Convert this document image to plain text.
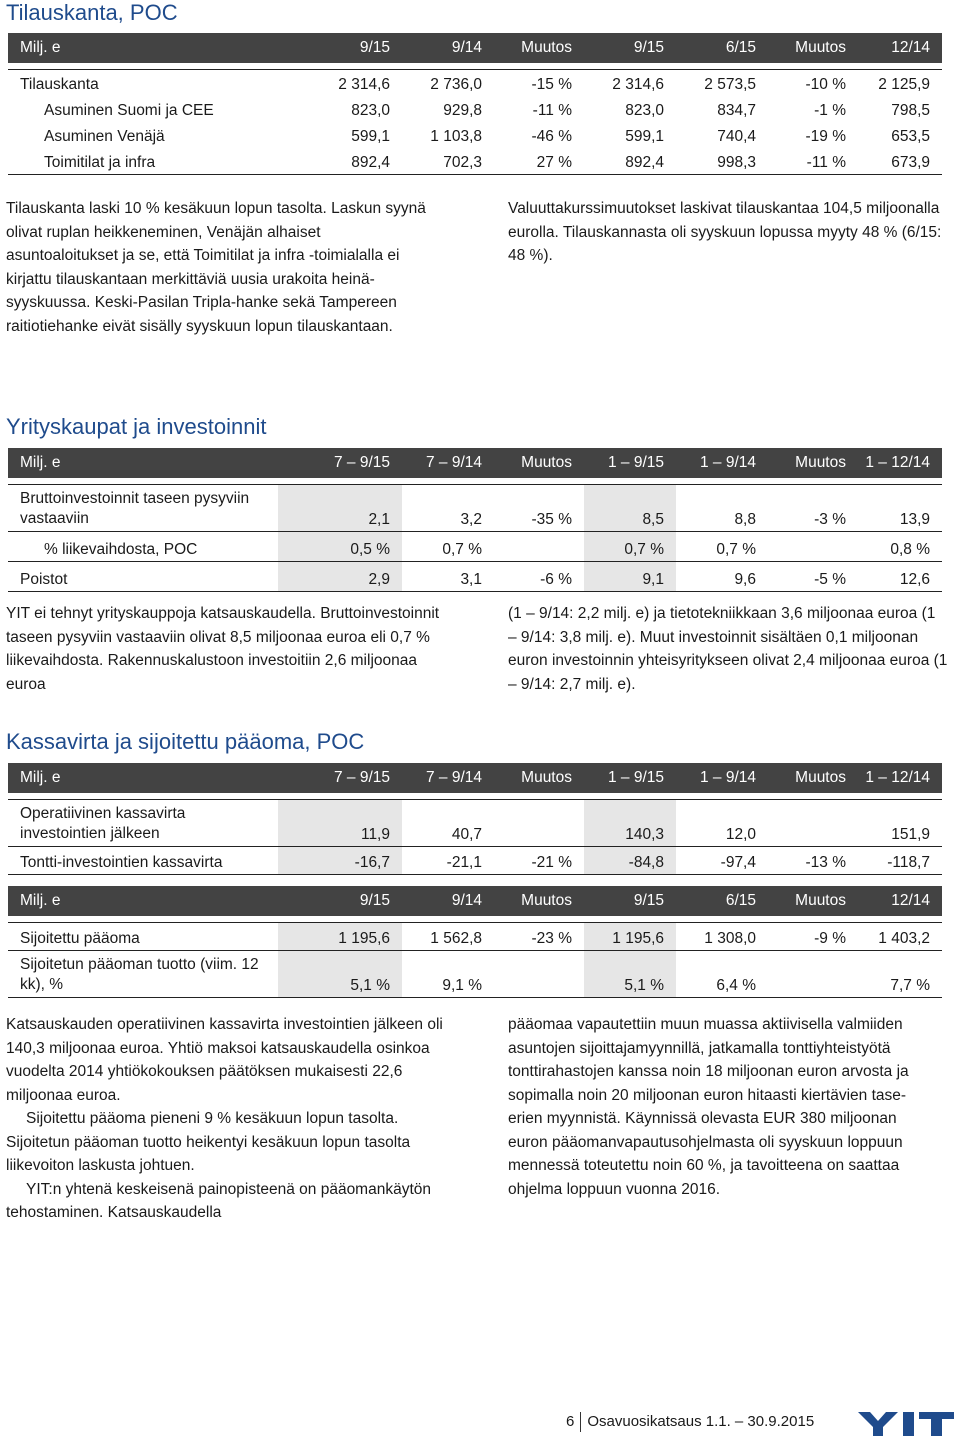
Tilauskanta, POC
Milj. e	9/15	9/14	Muutos	9/15	6/15	Muutos	12/14

Tilauskanta	2 314,6	2 736,0	-15 %	2 314,6	2 573,5	-10 %	2 125,9
Asuminen Suomi ja CEE	823,0	929,8	-11 %	823,0	834,7	-1 %	798,5
Asuminen Venäjä	599,1	1 103,8	-46 %	599,1	740,4	-19 %	653,5
Toimitilat ja infra	892,4	702,3	27 %	892,4	998,3	-11 %	673,9

Tilauskanta laski 10 % kesäkuun lopun tasolta. Laskun syynä olivat ruplan heikkeneminen, Venäjän alhaiset asuntoaloitukset ja se, että Toimitilat ja infra -toimialalla ei kirjattu tilauskantaan merkittäviä uusia urakoita heinä-syyskuussa. Keski-Pasilan Tripla-hanke sekä Tampereen raitiotiehanke eivät sisälly syyskuun lopun tilauskantaan.

Valuuttakurssimuutokset laskivat tilauskantaa 104,5 miljoonalla eurolla. Tilauskannasta oli syyskuun lopussa myyty 48 % (6/15: 48 %).

Yrityskaupat ja investoinnit
Milj. e	7 – 9/15	7 – 9/14	Muutos	1 – 9/15	1 – 9/14	Muutos	1 – 12/14

Bruttoinvestoinnit taseen pysyviin vastaaviin	2,1	3,2	-35 %	8,5	8,8	-3 %	13,9
% liikevaihdosta, POC	0,5 %	0,7 %		0,7 %	0,7 %		0,8 %
Poistot	2,9	3,1	-6 %	9,1	9,6	-5 %	12,6

YIT ei tehnyt yrityskauppoja katsauskaudella. Bruttoinvestoinnit taseen pysyviin vastaaviin olivat 8,5 miljoonaa euroa eli 0,7 % liikevaihdosta. Rakennuskalustoon investoitiin 2,6 miljoonaa euroa

(1 – 9/14: 2,2 milj. e) ja tietotekniikkaan 3,6 miljoonaa euroa (1 – 9/14: 3,8 milj. e). Muut investoinnit sisältäen 0,1 miljoonan euron investoinnin yhteisyritykseen olivat 2,4 miljoonaa euroa (1 – 9/14: 2,7 milj. e).

Kassavirta ja sijoitettu pääoma, POC
Milj. e	7 – 9/15	7 – 9/14	Muutos	1 – 9/15	1 – 9/14	Muutos	1 – 12/14

Operatiivinen kassavirta investointien jälkeen	11,9	40,7		140,3	12,0		151,9
Tontti-investointien kassavirta	-16,7	-21,1	-21 %	-84,8	-97,4	-13 %	-118,7
Milj. e	9/15	9/14	Muutos	9/15	6/15	Muutos	12/14

Sijoitettu pääoma	1 195,6	1 562,8	-23 %	1 195,6	1 308,0	-9 %	1 403,2
Sijoitetun pääoman tuotto (viim. 12 kk), %	5,1 %	9,1 %		5,1 %	6,4 %		7,7 %

Katsauskauden operatiivinen kassavirta investointien jälkeen oli 140,3 miljoonaa euroa. Yhtiö maksoi katsauskaudella osinkoa vuodelta 2014 yhtiökokouksen päätöksen mukaisesti 22,6 miljoonaa euroa.

Sijoitettu pääoma pieneni 9 % kesäkuun lopun tasolta. Sijoitetun pääoman tuotto heikentyi kesäkuun lopun tasolta liikevoiton laskusta johtuen.

YIT:n yhtenä keskeisenä painopisteenä on pääomankäytön tehostaminen. Katsauskaudella

pääomaa vapautettiin muun muassa aktiivisella valmiiden asuntojen sijoittajamyynnillä, jatkamalla tonttiyhteistyötä tonttirahastojen kanssa noin 18 miljoonan euron arvosta ja sopimalla noin 20 miljoonan euron hitaasti kiertävien tase-erien myynnistä. Käynnissä olevasta EUR 380 miljoonan euron pääomanvapautusohjelmasta oli syyskuun loppuun mennessä toteutettu noin 60 %, ja tavoitteena on saattaa ohjelma loppuun vuonna 2016.

6 Osavuosikatsaus 1.1. – 30.9.2015
